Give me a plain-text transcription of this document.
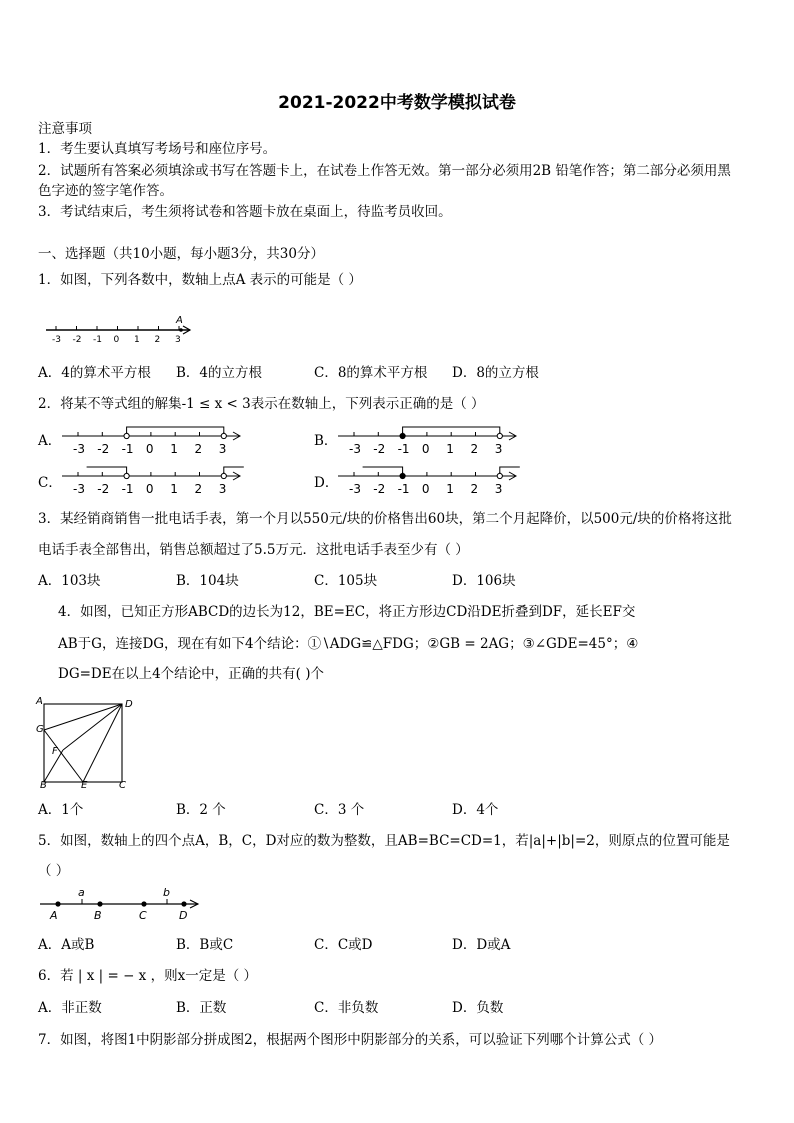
2021-2022中考数学模拟试卷
注意事项
1．考生要认真填写考场号和座位序号。
2．试题所有答案必须填涂或书写在答题卡上，在试卷上作答无效。第一部分必须用2B 铅笔作答；第二部分必须用黑
色字迹的签字笔作答。
3．考试结束后，考生须将试卷和答题卡放在桌面上，待监考员收回。
一、选择题（共10小题，每小题3分，共30分）
1．如图，下列各数中，数轴上点A 表示的可能是（ ）
-3 -2 -1 0 1 2 3
A
A．4的算术平方根 B．4的立方根	C．8的算术平方根 D．8的立方根
2．将某不等式组的解集-1 ≤ x < 3表示在数轴上，下列表示正确的是（ ）
A． -3 -2 -1 0 1 2 3	B． -3 -2 -1 0 1 2 3
C． -3 -2 -1 0 1 2 3	D． -3 -2 -1 0 1 2 3
3．某经销商销售一批电话手表，第一个月以550元/块的价格售出60块，第二个月起降价，以500元/块的价格将这批
电话手表全部售出，销售总额超过了5.5万元．这批电话手表至少有（ ）
A．103块	B．104块	C．105块	D．106块
4．如图，已知正方形ABCD的边长为12，BE=EC，将正方形边CD沿DE折叠到DF，延长EF交
AB于G，连接DG，现在有如下4个结论：①∖ADG≌△FDG；②GB = 2AG；③∠GDE=45°；④
DG=DE在以上4个结论中，正确的共有( )个
A	D
G
F
B	E	C
A．1个	B．2 个	C．3 个	D．4个
5．如图，数轴上的四个点A，B，C，D对应的数为整数，且AB=BC=CD=1，若|a|+|b|=2，则原点的位置可能是
（ ）
A
a
B	C
b
D
A．A或B	B．B或C	C．C或D	D．D或A
6．若 | x | = − x ，则x一定是（ ）
A．非正数	B．正数	C．非负数	D．负数
7．如图，将图1中阴影部分拼成图2，根据两个图形中阴影部分的关系，可以验证下列哪个计算公式（ ）
